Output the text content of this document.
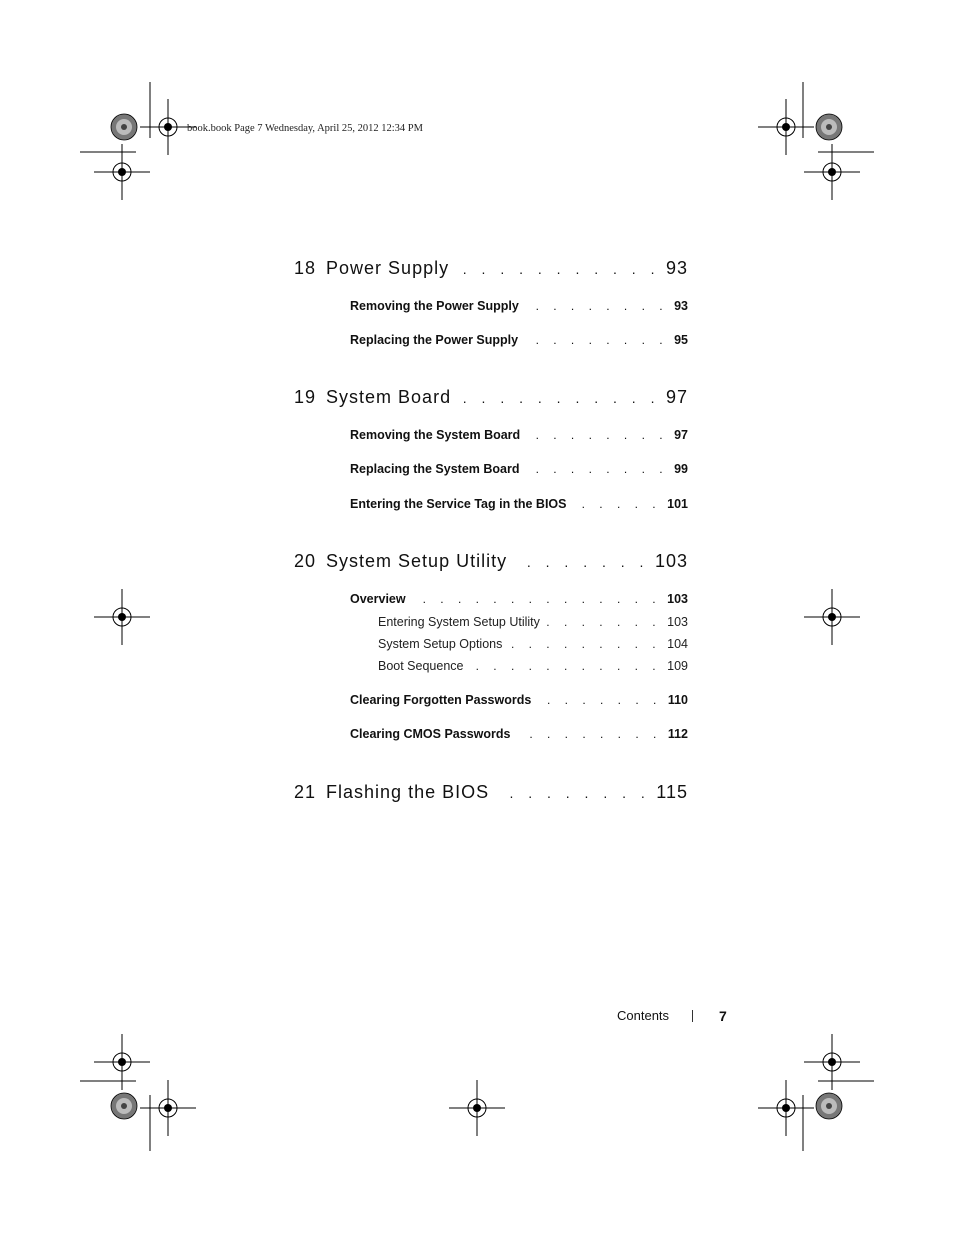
book.book Page 7 Wednesday, April 25, 2012 12:34 PM
18 Power Supply . . .	93
Removing the Power Supply . . .	93
Replacing the Power Supply . . .	95
19 System Board . . .	97
Removing the System Board . . .	97
Replacing the System Board . . .	99
Entering the Service Tag in the BIOS . . .	101
20 System Setup Utility . . .	103
Overview . . .	103
Entering System Setup Utility . . .	103
System Setup Options . . .	104
Boot Sequence . . .	109
Clearing Forgotten Passwords . . .	110
Clearing CMOS Passwords . . .	112
21 Flashing the BIOS . . .	115
Contents	7
